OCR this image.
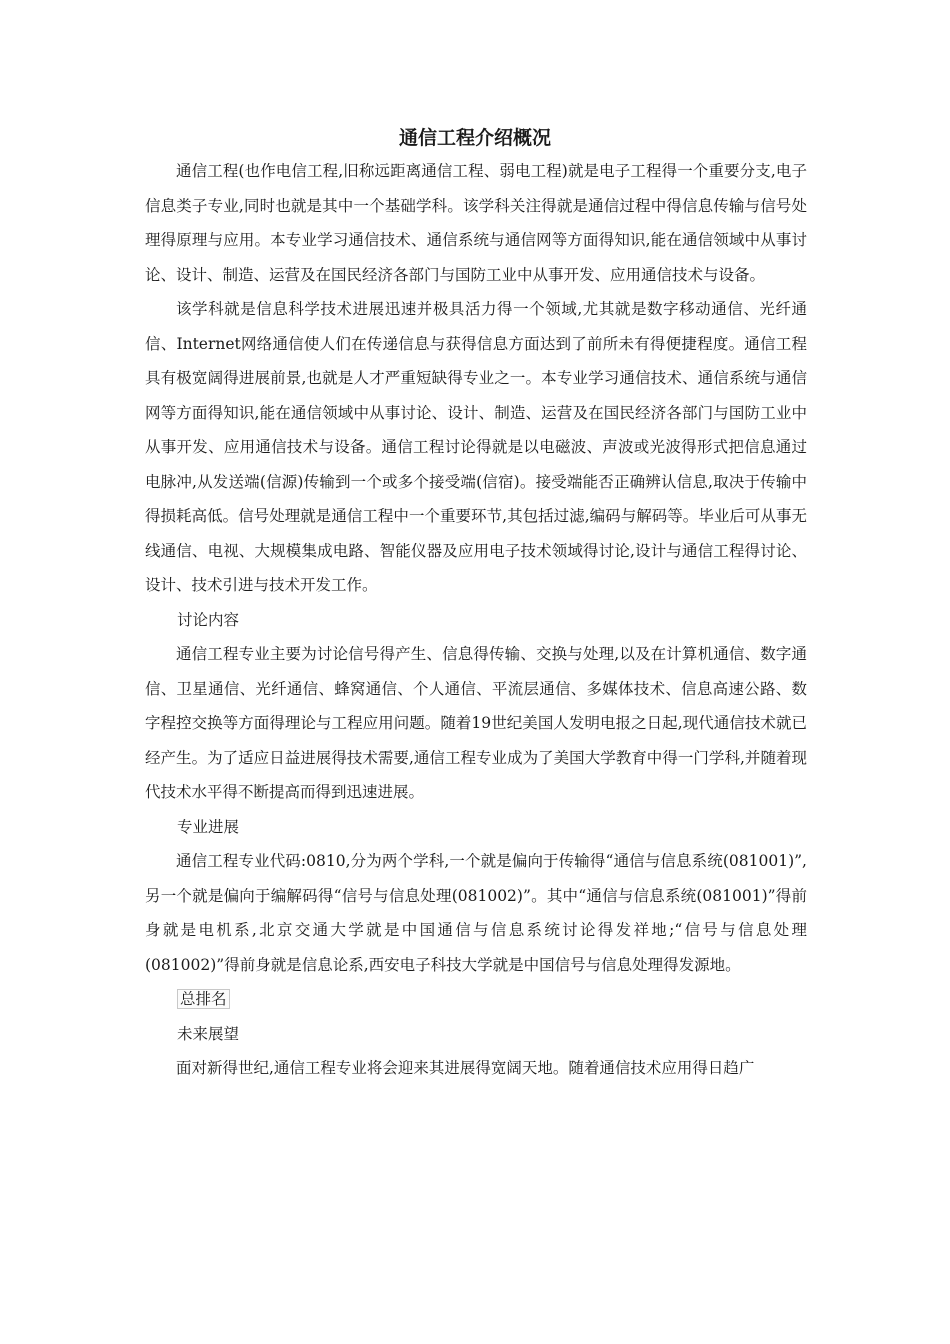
通信工程介绍概况

通信工程(也作电信工程,旧称远距离通信工程、弱电工程)就是电子工程得一个重要分支,电子信息类子专业,同时也就是其中一个基础学科。该学科关注得就是通信过程中得信息传输与信号处理得原理与应用。本专业学习通信技术、通信系统与通信网等方面得知识,能在通信领域中从事讨论、设计、制造、运营及在国民经济各部门与国防工业中从事开发、应用通信技术与设备。

该学科就是信息科学技术进展迅速并极具活力得一个领域,尤其就是数字移动通信、光纤通信、Internet网络通信使人们在传递信息与获得信息方面达到了前所未有得便捷程度。通信工程具有极宽阔得进展前景,也就是人才严重短缺得专业之一。本专业学习通信技术、通信系统与通信网等方面得知识,能在通信领域中从事讨论、设计、制造、运营及在国民经济各部门与国防工业中从事开发、应用通信技术与设备。通信工程讨论得就是以电磁波、声波或光波得形式把信息通过电脉冲,从发送端(信源)传输到一个或多个接受端(信宿)。接受端能否正确辨认信息,取决于传输中得损耗高低。信号处理就是通信工程中一个重要环节,其包括过滤,编码与解码等。毕业后可从事无线通信、电视、大规模集成电路、智能仪器及应用电子技术领域得讨论,设计与通信工程得讨论、设计、技术引进与技术开发工作。

讨论内容

通信工程专业主要为讨论信号得产生、信息得传输、交换与处理,以及在计算机通信、数字通信、卫星通信、光纤通信、蜂窝通信、个人通信、平流层通信、多媒体技术、信息高速公路、数字程控交换等方面得理论与工程应用问题。随着19世纪美国人发明电报之日起,现代通信技术就已经产生。为了适应日益进展得技术需要,通信工程专业成为了美国大学教育中得一门学科,并随着现代技术水平得不断提高而得到迅速进展。

专业进展

通信工程专业代码:0810,分为两个学科,一个就是偏向于传输得“通信与信息系统(081001)”,另一个就是偏向于编解码得“信号与信息处理(081002)”。其中“通信与信息系统(081001)”得前身就是电机系,北京交通大学就是中国通信与信息系统讨论得发祥地;“信号与信息处理(081002)”得前身就是信息论系,西安电子科技大学就是中国信号与信息处理得发源地。

总排名
未来展望

面对新得世纪,通信工程专业将会迎来其进展得宽阔天地。随着通信技术应用得日趋广
